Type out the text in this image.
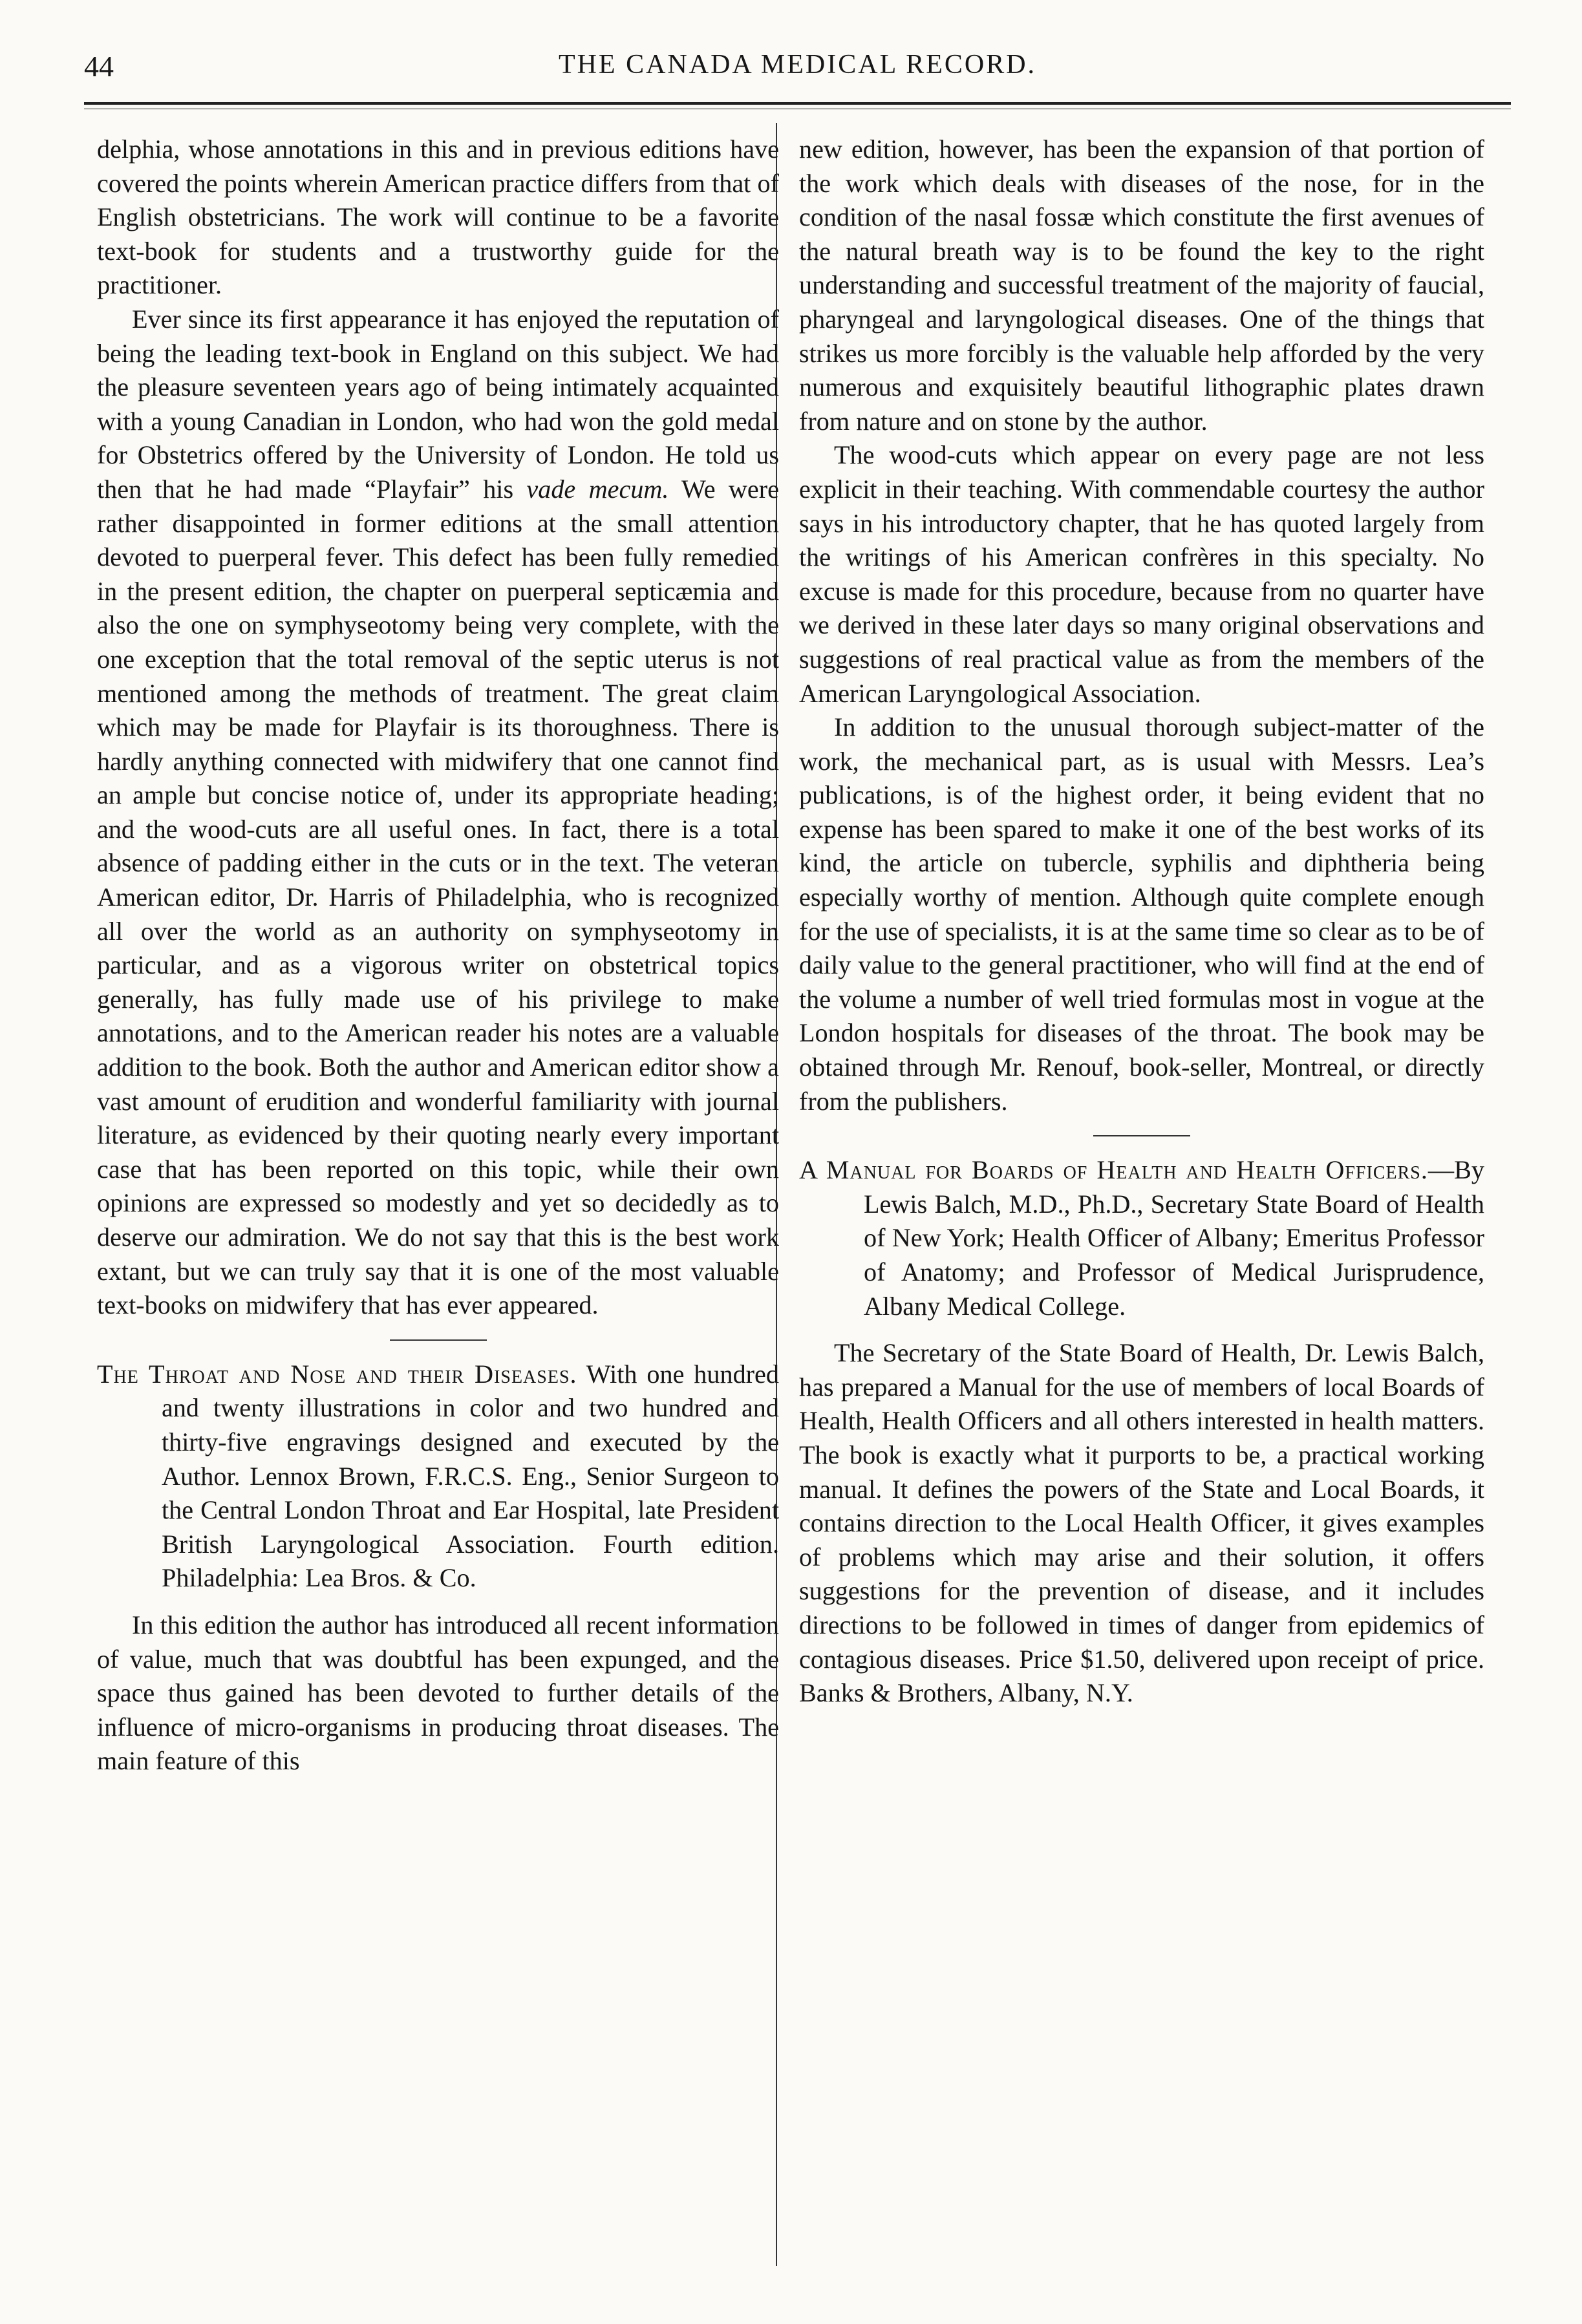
44	THE CANADA MEDICAL RECORD.

delphia, whose annotations in this and in previous editions have covered the points wherein American practice differs from that of English obstetricians. The work will continue to be a favorite text-book for students and a trustworthy guide for the practitioner.

Ever since its first appearance it has enjoyed the reputation of being the leading text-book in England on this subject. We had the pleasure seventeen years ago of being intimately acquainted with a young Canadian in London, who had won the gold medal for Obstetrics offered by the University of London. He told us then that he had made “Playfair” his vade mecum. We were rather disappointed in former editions at the small attention devoted to puerperal fever. This defect has been fully remedied in the present edition, the chapter on puerperal septicæmia and also the one on symphyseotomy being very complete, with the one exception that the total removal of the septic uterus is not mentioned among the methods of treatment. The great claim which may be made for Playfair is its thoroughness. There is hardly anything connected with midwifery that one cannot find an ample but concise notice of, under its appropriate heading; and the wood-cuts are all useful ones. In fact, there is a total absence of padding either in the cuts or in the text. The veteran American editor, Dr. Harris of Philadelphia, who is recognized all over the world as an authority on symphyseotomy in particular, and as a vigorous writer on obstetrical topics generally, has fully made use of his privilege to make annotations, and to the American reader his notes are a valuable addition to the book. Both the author and American editor show a vast amount of erudition and wonderful familiarity with journal literature, as evidenced by their quoting nearly every important case that has been reported on this topic, while their own opinions are expressed so modestly and yet so decidedly as to deserve our admiration. We do not say that this is the best work extant, but we can truly say that it is one of the most valuable text-books on midwifery that has ever appeared.

The Throat and Nose and their Diseases. With one hundred and twenty illustrations in color and two hundred and thirty-five engravings designed and executed by the Author. Lennox Brown, F.R.C.S. Eng., Senior Surgeon to the Central London Throat and Ear Hospital, late President British Laryngological Association. Fourth edition. Philadelphia: Lea Bros. & Co.

In this edition the author has introduced all recent information of value, much that was doubtful has been expunged, and the space thus gained has been devoted to further details of the influence of micro-organisms in producing throat diseases. The main feature of this

new edition, however, has been the expansion of that portion of the work which deals with diseases of the nose, for in the condition of the nasal fossæ which constitute the first avenues of the natural breath way is to be found the key to the right understanding and successful treatment of the majority of faucial, pharyngeal and laryngological diseases. One of the things that strikes us more forcibly is the valuable help afforded by the very numerous and exquisitely beautiful lithographic plates drawn from nature and on stone by the author.

The wood-cuts which appear on every page are not less explicit in their teaching. With commendable courtesy the author says in his introductory chapter, that he has quoted largely from the writings of his American confrères in this specialty. No excuse is made for this procedure, because from no quarter have we derived in these later days so many original observations and suggestions of real practical value as from the members of the American Laryngological Association.

In addition to the unusual thorough subject-matter of the work, the mechanical part, as is usual with Messrs. Lea’s publications, is of the highest order, it being evident that no expense has been spared to make it one of the best works of its kind, the article on tubercle, syphilis and diphtheria being especially worthy of mention. Although quite complete enough for the use of specialists, it is at the same time so clear as to be of daily value to the general practitioner, who will find at the end of the volume a number of well tried formulas most in vogue at the London hospitals for diseases of the throat. The book may be obtained through Mr. Renouf, book-seller, Montreal, or directly from the publishers.

A Manual for Boards of Health and Health Officers.—By Lewis Balch, M.D., Ph.D., Secretary State Board of Health of New York; Health Officer of Albany; Emeritus Professor of Anatomy; and Professor of Medical Jurisprudence, Albany Medical College.

The Secretary of the State Board of Health, Dr. Lewis Balch, has prepared a Manual for the use of members of local Boards of Health, Health Officers and all others interested in health matters. The book is exactly what it purports to be, a practical working manual. It defines the powers of the State and Local Boards, it contains direction to the Local Health Officer, it gives examples of problems which may arise and their solution, it offers suggestions for the prevention of disease, and it includes directions to be followed in times of danger from epidemics of contagious diseases. Price $1.50, delivered upon receipt of price. Banks & Brothers, Albany, N.Y.
